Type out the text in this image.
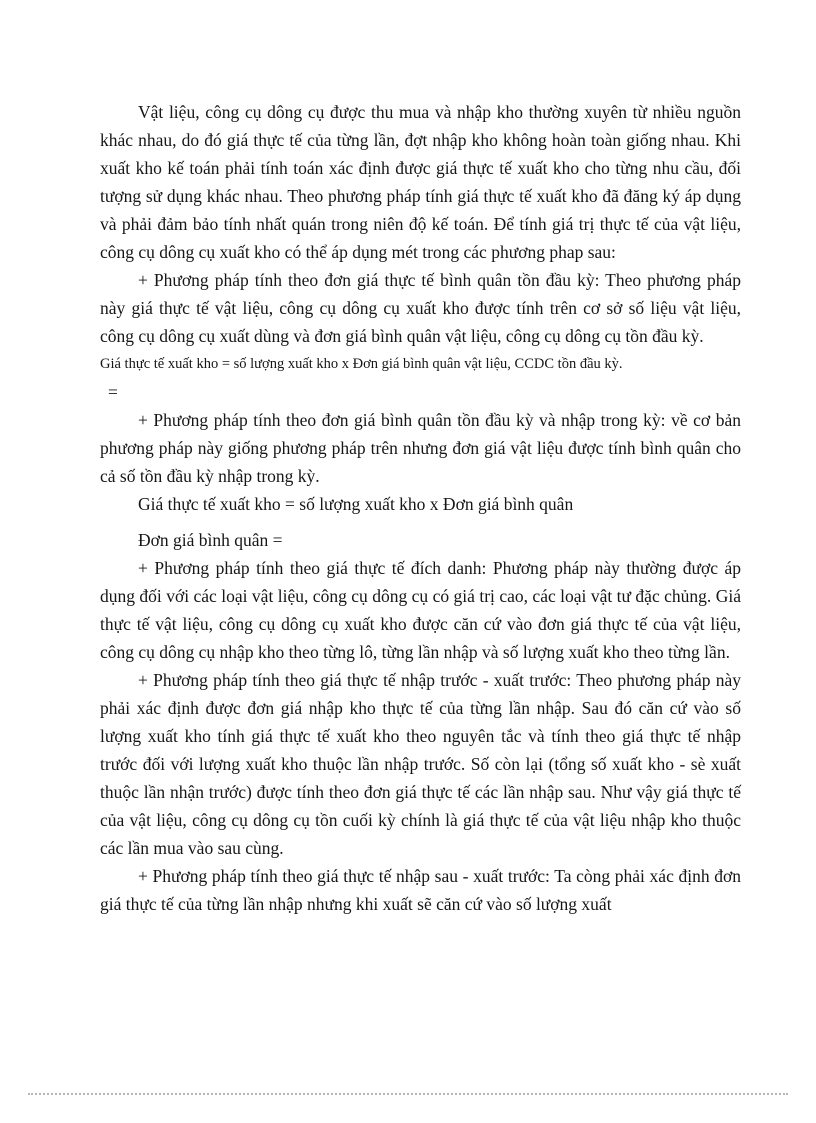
Vật liệu, công cụ dông cụ được thu mua và nhập kho thường xuyên từ nhiều nguồn khác nhau, do đó giá thực tế của từng lần, đợt nhập kho không hoàn toàn giống nhau. Khi xuất kho kế toán phải tính toán xác định được giá thực tế xuất kho cho từng nhu cầu, đối tượng sử dụng khác nhau. Theo phương pháp tính giá thực tế xuất kho đã đăng ký áp dụng và phải đảm bảo tính nhất quán trong niên độ kế toán. Để tính giá trị thực tế của vật liệu, công cụ dông cụ xuất kho có thể áp dụng mét trong các phương phap sau:

+ Phương pháp tính theo đơn giá thực tế bình quân tồn đầu kỳ: Theo phương pháp này giá thực tế vật liệu, công cụ dông cụ xuất kho được tính trên cơ sở số liệu vật liệu, công cụ dông cụ xuất dùng và đơn giá bình quân vật liệu, công cụ dông cụ tồn đầu kỳ.

Giá thực tế xuất kho = số lượng xuất kho x Đơn giá bình quân vật liệu, CCDC tồn đầu kỳ.

=

+ Phương pháp tính theo đơn giá bình quân tồn đầu kỳ và nhập trong kỳ: về cơ bản phương pháp này giống phương pháp trên nhưng đơn giá vật liệu được tính bình quân cho cả số tồn đầu kỳ nhập trong kỳ.

Giá thực tế xuất kho = số lượng xuất kho x Đơn giá bình quân

Đơn giá bình quân =

+ Phương pháp tính theo giá thực tế đích danh: Phương pháp này thường được áp dụng đối với các loại vật liệu, công cụ dông cụ có giá trị cao, các loại vật tư đặc chủng. Giá thực tế vật liệu, công cụ dông cụ xuất kho được căn cứ vào đơn giá thực tế của vật liệu, công cụ dông cụ nhập kho theo từng lô, từng lần nhập và số lượng xuất kho theo từng lần.

+ Phương pháp tính theo giá thực tế nhập trước - xuất trước: Theo phương pháp này phải xác định được đơn giá nhập kho thực tế của từng lần nhập. Sau đó căn cứ vào số lượng xuất kho tính giá thực tế xuất kho theo nguyên tắc và tính theo giá thực tế nhập trước đối với lượng xuất kho thuộc lần nhập trước. Số còn lại (tổng số xuất kho - sè xuất thuộc lần nhận trước) được tính theo đơn giá thực tế các lần nhập sau. Như vậy giá thực tế của vật liệu, công cụ dông cụ tồn cuối kỳ chính là giá thực tế của vật liệu nhập kho thuộc các lần mua vào sau cùng.

+ Phương pháp tính theo giá thực tế nhập sau - xuất trước: Ta còng phải xác định đơn giá thực tế của từng lần nhập nhưng khi xuất sẽ căn cứ vào số lượng xuất
